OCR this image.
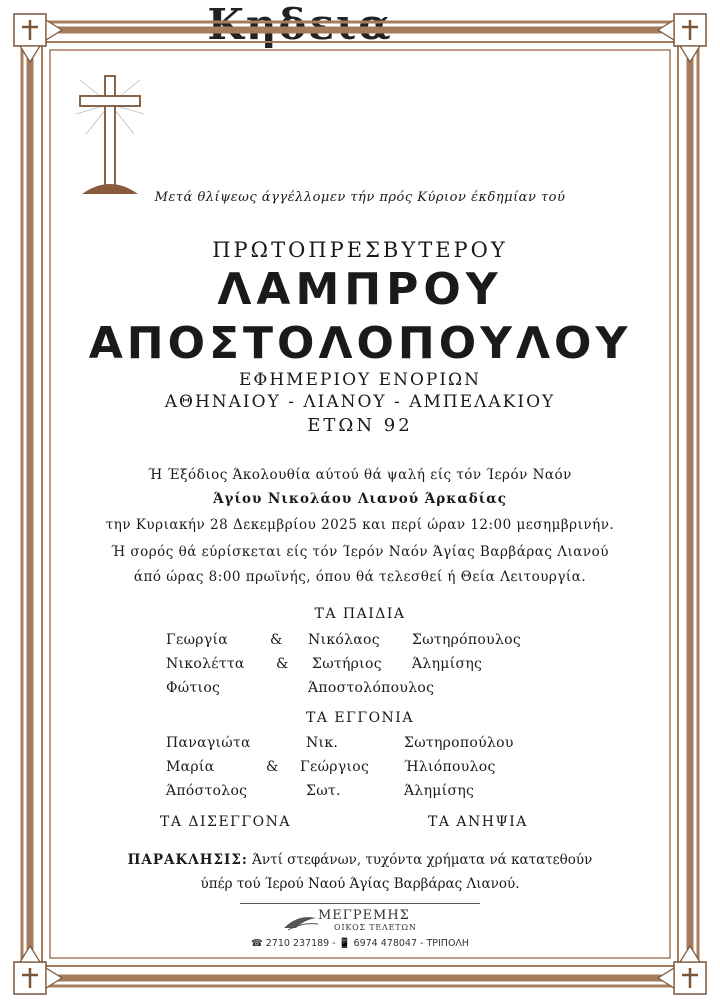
Κηδεια
Μετά θλίψεως άγγέλλομεν τήν πρός Κύριον έκδημίαν τού
ΠΡΩΤΟΠΡΕΣΒΥΤΕΡΟΥ
ΛΑΜΠΡΟΥ
ΑΠΟΣΤΟΛΟΠΟΥΛΟΥ
ΕΦΗΜΕΡΙΟΥ ΕΝΟΡΙΩΝ
ΑΘΗΝΑΙΟΥ - ΛΙΑΝΟΥ - ΑΜΠΕΛΑΚΙΟΥ
ΕΤΩΝ 92
Ή Έξόδιος Άκολουθία αύτού θά ψαλή είς τόν Ίερόν Ναόν
Άγίου Νικολάου Λιανού Άρκαδίας
την Κυριακήν 28 Δεκεμβρίου 2025 και περί ώραν 12:00 μεσημβρινήν.
Ή σορός θά εύρίσκεται είς τόν Ίερόν Ναόν Άγίας Βαρβάρας Λιανού
άπό ώρας 8:00 πρωϊνής, όπου θά τελεσθεί ή Θεία Λειτουργία.
ΤΑ ΠΑΙΔΙΑ
Γεωργία	& Νικόλαος Σωτηρόπουλος
Νικολέττα & Σωτήριος Άλημίσης
Φώτιος	Άποστολόπουλος
ΤΑ ΕΓΓΟΝΙΑ
Παναγιώτα	Νικ.	Σωτηροπούλου
Μαρία	& Γεώργιος Ήλιόπουλος
Άπόστολος	Σωτ.	Άλημίσης
ΤΑ ΔΙΣΕΓΓΟΝΑ	ΤΑ ΑΝΗΨΙΑ
ΠΑΡΑΚΛΗΣΙΣ: Άντί στεφάνων, τυχόντα χρήματα νά κατατεθούν
ύπέρ τού Ίερού Ναού Άγίας Βαρβάρας Λιανού.
ΜΕΓΡΕΜΗΣ
ΟΙΚΟΣ ΤΕΛΕΤΩΝ
☎ 2710 237189 - 📱 6974 478047 - ΤΡΙΠΟΛΗ
